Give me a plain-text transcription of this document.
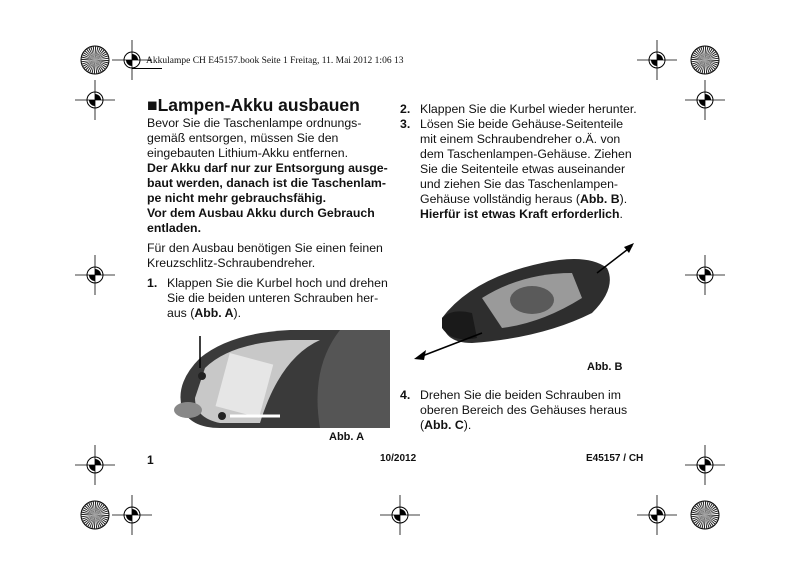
Akkulampe CH E45157.book Seite 1 Freitag, 11. Mai 2012 1:06 13
■Lampen-Akku ausbauen
Bevor Sie die Taschenlampe ordnungs-
gemäß entsorgen, müssen Sie den
eingebauten Lithium-Akku entfernen.
Der Akku darf nur zur Entsorgung ausge-
baut werden, danach ist die Taschenlam-
pe nicht mehr gebrauchsfähig.
Vor dem Ausbau Akku durch Gebrauch
entladen.
Für den Ausbau benötigen Sie einen feinen
Kreuzschlitz-Schraubendreher.
1. Klappen Sie die Kurbel hoch und drehen
Sie die beiden unteren Schrauben her-
aus (Abb. A).
Abb. A
2. Klappen Sie die Kurbel wieder herunter.
3. Lösen Sie beide Gehäuse-Seitenteile
mit einem Schraubendreher o.Ä. von
dem Taschenlampen-Gehäuse. Ziehen
Sie die Seitenteile etwas auseinander
und ziehen Sie das Taschenlampen-
Gehäuse vollständig heraus (Abb. B).
Hierfür ist etwas Kraft erforderlich.
Abb. B
4. Drehen Sie die beiden Schrauben im
oberen Bereich des Gehäuses heraus
(Abb. C).
1	10/2012	E45157 / CH
